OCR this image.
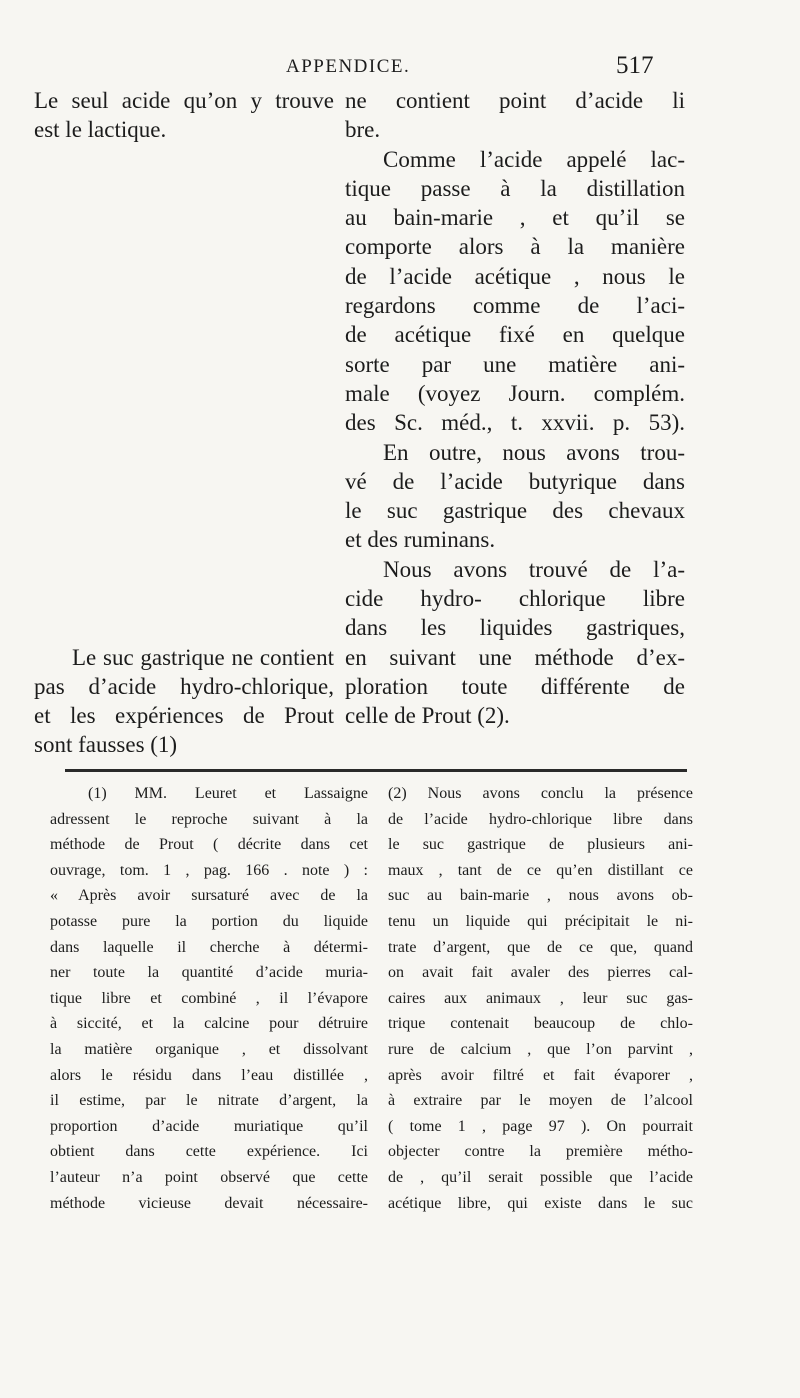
APPENDICE.	517
Le seul acide qu’on y trouve
est le lactique.
Le suc gastrique ne contient
pas d’acide hydro-chlorique,
et les expériences de Prout
sont fausses (1)
ne contient point d’acide li
bre.
Comme l’acide appelé lac-
tique passe à la distillation
au bain-marie , et qu’il se
comporte alors à la manière
de l’acide acétique , nous le
regardons comme de l’aci-
de acétique fixé en quelque
sorte par une matière ani-
male (voyez Journ. complém.
des Sc. méd., t. xxvii. p. 53).
En outre, nous avons trou-
vé de l’acide butyrique dans
le suc gastrique des chevaux
et des ruminans.
Nous avons trouvé de l’a-
cide hydro- chlorique libre
dans les liquides gastriques,
en suivant une méthode d’ex-
ploration toute différente de
celle de Prout (2).
(1) MM. Leuret et Lassaigne
adressent le reproche suivant à la
méthode de Prout ( décrite dans cet
ouvrage, tom. 1 , pag. 166 . note ) :
« Après avoir sursaturé avec de la
potasse pure la portion du liquide
dans laquelle il cherche à détermi-
ner toute la quantité d’acide muria-
tique libre et combiné , il l’évapore
à siccité, et la calcine pour détruire
la matière organique , et dissolvant
alors le résidu dans l’eau distillée ,
il estime, par le nitrate d’argent, la
proportion d’acide muriatique qu’il
obtient dans cette expérience. Ici
l’auteur n’a point observé que cette
méthode vicieuse devait nécessaire-
(2) Nous avons conclu la présence
de l’acide hydro-chlorique libre dans
le suc gastrique de plusieurs ani-
maux , tant de ce qu’en distillant ce
suc au bain-marie , nous avons ob-
tenu un liquide qui précipitait le ni-
trate d’argent, que de ce que, quand
on avait fait avaler des pierres cal-
caires aux animaux , leur suc gas-
trique contenait beaucoup de chlo-
rure de calcium , que l’on parvint ,
après avoir filtré et fait évaporer ,
à extraire par le moyen de l’alcool
( tome 1 , page 97 ). On pourrait
objecter contre la première métho-
de , qu’il serait possible que l’acide
acétique libre, qui existe dans le suc
